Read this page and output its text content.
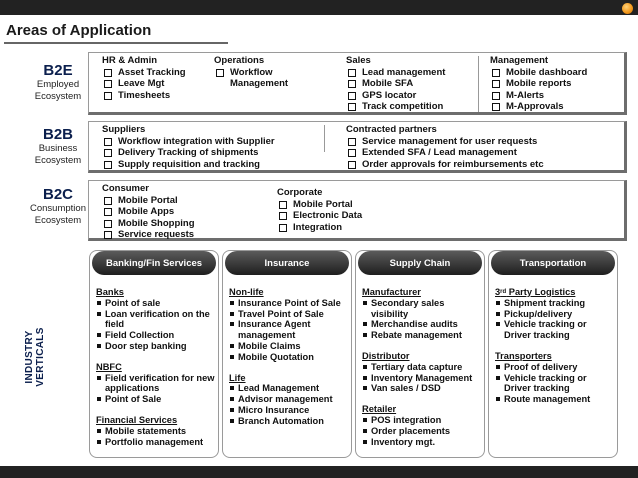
Areas of Application
B2E
Employed
Ecosystem
HR & Admin
Asset Tracking
Leave Mgt
Timesheets
Operations
Workflow Management
Sales
Lead management
Mobile SFA
GPS locator
Track competition
Management
Mobile dashboard
Mobile reports
M-Alerts
M-Approvals
B2B
Business
Ecosystem
Suppliers
Workflow integration with Supplier
Delivery Tracking of shipments
Supply requisition and tracking
Contracted partners
Service management for user requests
Extended SFA / Lead management
Order approvals for reimbursements etc
B2C
Consumption
Ecosystem
Consumer
Mobile Portal
Mobile Apps
Mobile Shopping
Service requests
Corporate
Mobile Portal
Electronic Data
Integration
INDUSTRY VERTICALS
Banking/Fin Services
Banks
Point of sale
Loan verification on the
field
Field Collection
Door step banking
NBFC
Field verification for new
applications
Point of Sale
Financial Services
Mobile statements
Portfolio management
Insurance
Non-life
Insurance Point of Sale
Travel Point of Sale
Insurance Agent
management
Mobile Claims
Mobile Quotation
Life
Lead Management
Advisor management
Micro Insurance
Branch Automation
Supply Chain
Manufacturer
Secondary sales
visibility
Merchandise audits
Rebate management
Distributor
Tertiary data capture
Inventory Management
Van sales / DSD
Retailer
POS integration
Order placements
Inventory mgt.
Transportation
3rd Party Logistics
Shipment tracking
Pickup/delivery
Vehicle tracking or
Driver tracking
Transporters
Proof of delivery
Vehicle tracking or
Driver tracking
Route management
